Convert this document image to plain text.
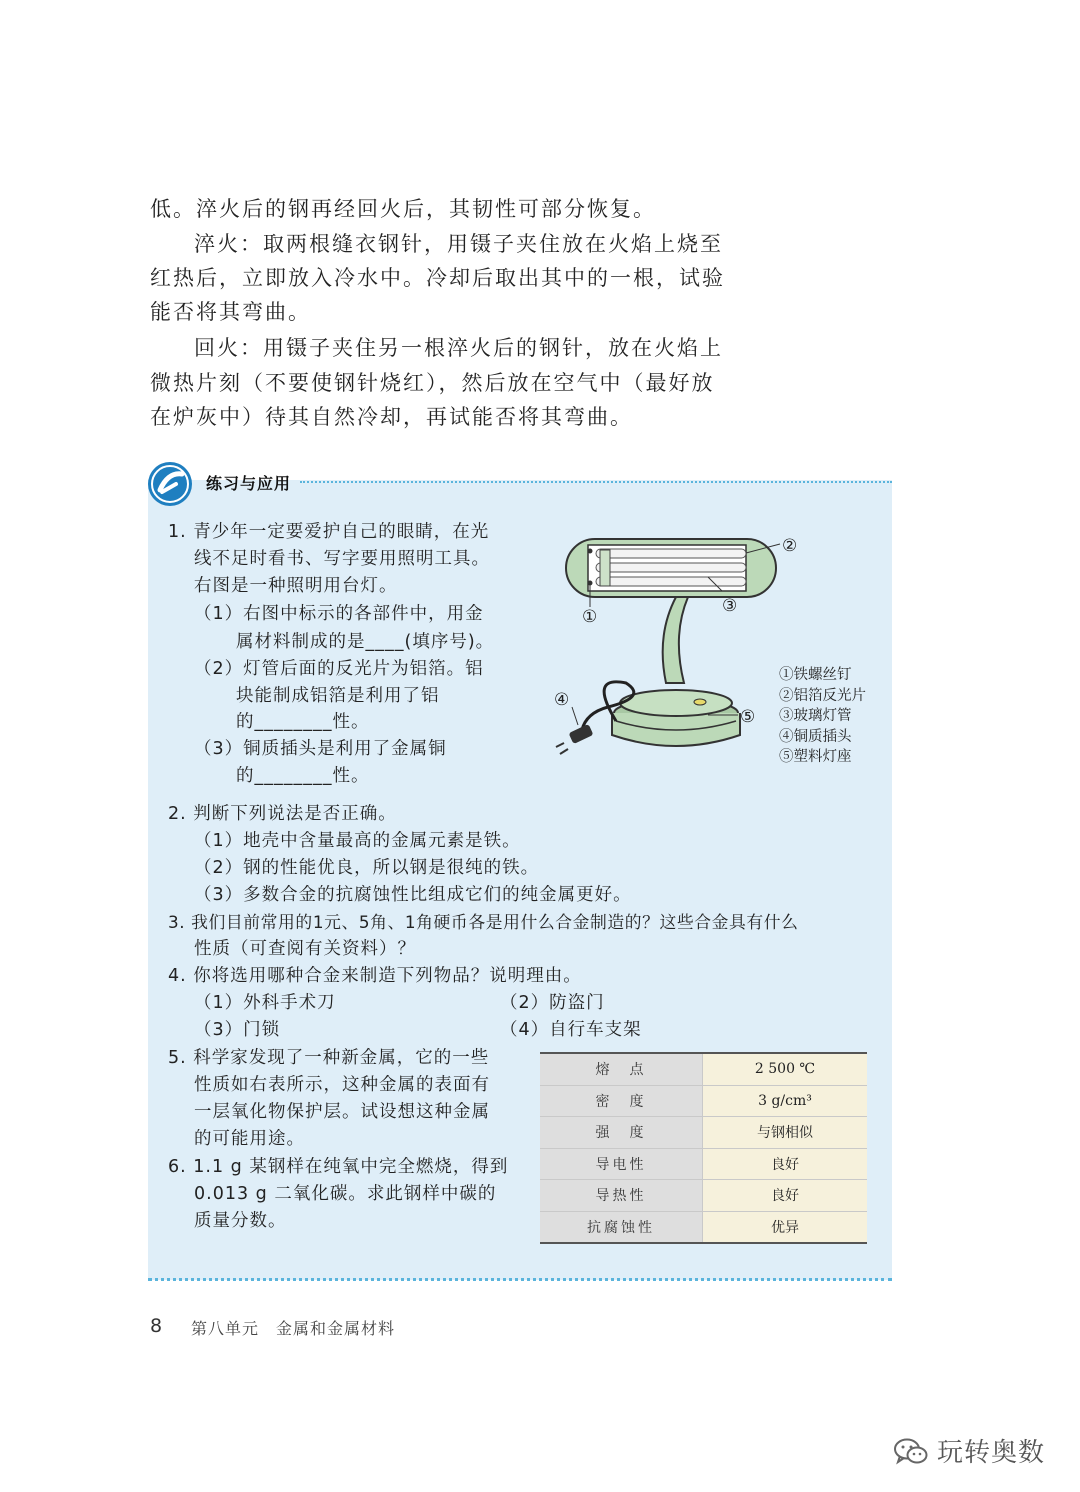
低。淬火后的钢再经回火后，其韧性可部分恢复。

淬火：取两根缝衣钢针，用镊子夹住放在火焰上烧至

红热后，立即放入冷水中。冷却后取出其中的一根，试验

能否将其弯曲。

回火：用镊子夹住另一根淬火后的钢针，放在火焰上

微热片刻（不要使钢针烧红），然后放在空气中（最好放

在炉灰中）待其自然冷却，再试能否将其弯曲。

练习与应用

1. 青少年一定要爱护自己的眼睛，在光

线不足时看书、写字要用照明工具。

右图是一种照明用台灯。

（1）右图中标示的各部件中，用金

属材料制成的是____(填序号)。

（2）灯管后面的反光片为铝箔。铝

块能制成铝箔是利用了铝

的________性。

（3）铜质插头是利用了金属铜

的________性。

②
③
①
④
⑤
①铁螺丝钉
②铝箔反光片
③玻璃灯管
④铜质插头
⑤塑料灯座

2. 判断下列说法是否正确。

（1）地壳中含量最高的金属元素是铁。

（2）钢的性能优良，所以钢是很纯的铁。

（3）多数合金的抗腐蚀性比组成它们的纯金属更好。

3. 我们目前常用的1元、5角、1角硬币各是用什么合金制造的？这些合金具有什么

性质（可查阅有关资料）？

4. 你将选用哪种合金来制造下列物品？说明理由。

（1）外科手术刀	（2）防盗门

（3）门锁	（4）自行车支架

5. 科学家发现了一种新金属，它的一些

性质如右表所示，这种金属的表面有

一层氧化物保护层。试设想这种金属

的可能用途。

6. 1.1 g 某钢样在纯氧中完全燃烧，得到

0.013 g 二氧化碳。求此钢样中碳的

质量分数。

熔　点	2 500 ℃
密　度	3 g/cm³
强　度	与钢相似
导电性	良好
导热性	良好
抗腐蚀性	优异
8 第八单元　金属和金属材料
玩转奥数
